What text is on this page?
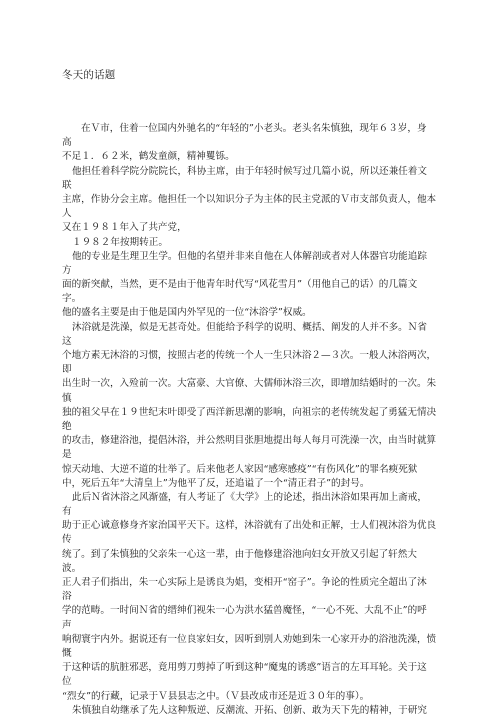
冬天的话题
在Ｖ市，住着一位国内外驰名的“年轻的”小老头。老头名朱慎独，现年６３岁，身
高
不足１．６２米，鹤发童颜，精神矍铄。
他担任着科学院分院院长，科协主席，由于年轻时候写过几篇小说，所以还兼任着文
联
主席，作协分会主席。他担任一个以知识分子为主体的民主党派的Ｖ市支部负责人，他本
人
又在１９８１年入了共产党，
１９８２年按期转正。
他的专业是生理卫生学。但他的名望并非来自他在人体解剖或者对人体器官功能追踪
方
面的新突献，当然，更不是由于他青年时代写“风花雪月”（用他自己的话）的几篇文
字。
他的盛名主要是由于他是国内外罕见的一位“沐浴学”权威。
沐浴就是洗澡，似是无甚奇处。但能给予科学的说明、概括、阐发的人并不多。Ｎ省
这
个地方素无沐浴的习惯，按照古老的传统一个人一生只沐浴２—３次。一般人沐浴两次，
即
出生时一次，入殓前一次。大富豪、大官僚、大儒师沐浴三次，即增加结婚时的一次。朱
慎
独的祖父早在１９世纪末叶即受了西洋新思潮的影响，向祖宗的老传统发起了勇猛无情决
绝
的攻击，修建浴池，提倡沐浴，并公然明目张胆地提出每人每月可洗澡一次，由当时就算
是
惊天动地、大逆不道的壮举了。后来他老人家因“感寒感疫”“有伤风化”的罪名瘐死狱
中，死后五年“大清皇上”为他平了反，还追谥了一个“清正君子”的封号。
此后Ｎ省沐浴之风渐盛，有人考证了《大学》上的论述，指出沐浴如果再加上斋戒，
有
助于正心诚意修身齐家治国平天下。这样，沐浴就有了出处和正解，士人们视沐浴为优良
传
统了。到了朱慎独的父亲朱一心这一辈，由于他修建浴池向妇女开放又引起了轩然大
波。
正人君子们指出，朱一心实际上是诱良为娼，变相开“窑子”。争论的性质完全超出了沐
浴
学的范畴。一时间Ｎ省的缙绅们视朱一心为洪水猛兽魔怪，“一心不死、大乱不止”的呼
声
响彻寰宇内外。据说还有一位良家妇女，因听到别人劝她到朱一心家开办的浴池洗澡，愤
慨
于这种话的肮脏邪恶，竟用剪刀剪掉了听到这种“魔鬼的诱惑”语言的左耳耳轮。关于这
位
“烈女”的行藏，记录于Ｖ县县志之中。（Ｖ县改成市还是近３０年的事）。
朱慎独自幼继承了先人这种叛逆、反潮流、开拓、创新、敢为天下先的精神，于研究
